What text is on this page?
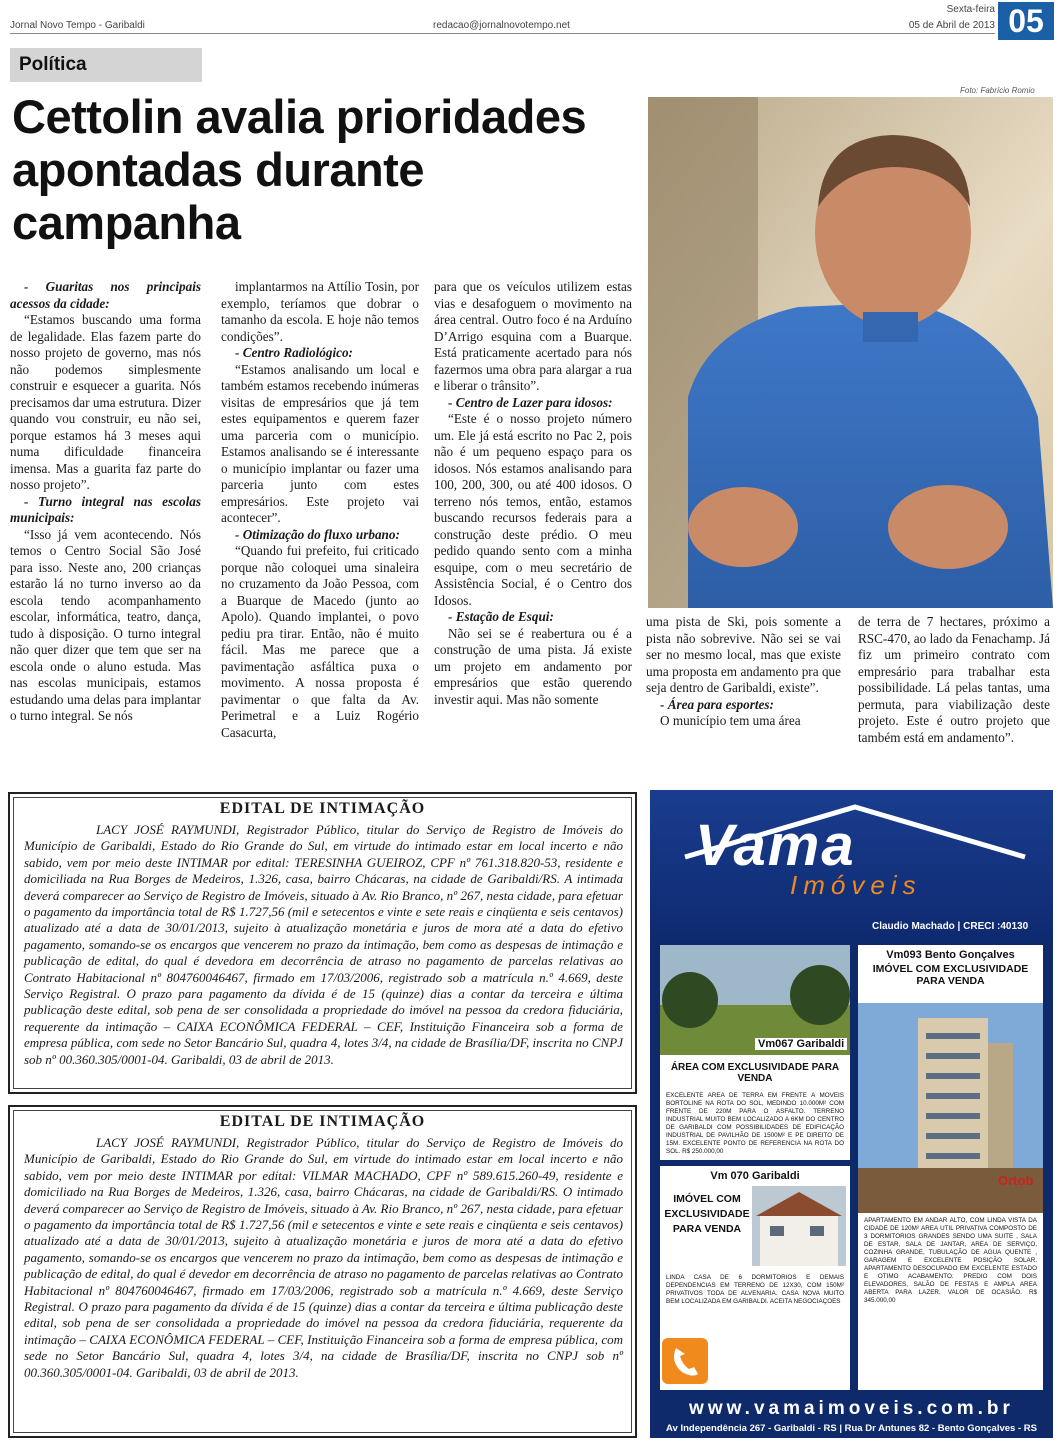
Jornal Novo Tempo - Garibaldi	redacao@jornalnovotempo.net
Sexta-feira
05 de Abril de 2013 05
Política
Cettolin avalia prioridades apontadas durante campanha
Foto: Fabrício Romio

- Guaritas nos principais acessos da cidade:

“Estamos buscando uma forma de legalidade. Elas fazem parte do nosso projeto de governo, mas nós não podemos simplesmente construir e esquecer a guarita. Nós precisamos dar uma estrutura. Dizer quando vou construir, eu não sei, porque estamos há 3 meses aqui numa dificuldade financeira imensa. Mas a guarita faz parte do nosso projeto”.

- Turno integral nas escolas municipais:

“Isso já vem acontecendo. Nós temos o Centro Social São José para isso. Neste ano, 200 crianças estarão lá no turno inverso ao da escola tendo acompanhamento escolar, informática, teatro, dança, tudo à disposição. O turno integral não quer dizer que tem que ser na escola onde o aluno estuda. Mas nas escolas municipais, estamos estudando uma delas para implantar o turno integral. Se nós

implantarmos na Attílio Tosin, por exemplo, teríamos que dobrar o tamanho da escola. E hoje não temos condições”.

- Centro Radiológico:

“Estamos analisando um local e também estamos recebendo inúmeras visitas de empresários que já tem estes equipamentos e querem fazer uma parceria com o município. Estamos analisando se é interessante o município implantar ou fazer uma parceria junto com estes empresários. Este projeto vai acontecer”.

- Otimização do fluxo urbano:

“Quando fui prefeito, fui criticado porque não coloquei uma sinaleira no cruzamento da João Pessoa, com a Buarque de Macedo (junto ao Apolo). Quando implantei, o povo pediu pra tirar. Então, não é muito fácil. Mas me parece que a pavimentação asfáltica puxa o movimento. A nossa proposta é pavimentar o que falta da Av. Perimetral e a Luiz Rogério Casacurta,

para que os veículos utilizem estas vias e desafoguem o movimento na área central. Outro foco é na Arduíno D’Arrigo esquina com a Buarque. Está praticamente acertado para nós fazermos uma obra para alargar a rua e liberar o trânsito”.

- Centro de Lazer para idosos:

“Este é o nosso projeto número um. Ele já está escrito no Pac 2, pois não é um pequeno espaço para os idosos. Nós estamos analisando para 100, 200, 300, ou até 400 idosos. O terreno nós temos, então, estamos buscando recursos federais para a construção deste prédio. O meu pedido quando sento com a minha esquipe, com o meu secretário de Assistência Social, é o Centro dos Idosos.

- Estação de Esqui:

Não sei se é reabertura ou é a construção de uma pista. Já existe um projeto em andamento por empresários que estão querendo investir aqui. Mas não somente

uma pista de Ski, pois somente a pista não sobrevive. Não sei se vai ser no mesmo local, mas que existe uma proposta em andamento pra que seja dentro de Garibaldi, existe”.

- Área para esportes:

O município tem uma área

de terra de 7 hectares, próximo a RSC-470, ao lado da Fenachamp. Já fiz um primeiro contrato com empresário para trabalhar esta possibilidade. Lá pelas tantas, uma permuta, para viabilização deste projeto. Este é outro projeto que também está em andamento”.

EDITAL DE INTIMAÇÃO

LACY JOSÉ RAYMUNDI, Registrador Público, titular do Serviço de Registro de Imóveis do Município de Garibaldi, Estado do Rio Grande do Sul, em virtude do intimado estar em local incerto e não sabido, vem por meio deste INTIMAR por edital: TERESINHA GUEIROZ, CPF nº 761.318.820-53, residente e domiciliada na Rua Borges de Medeiros, 1.326, casa, bairro Chácaras, na cidade de Garibaldi/RS. A intimada deverá comparecer ao Serviço de Registro de Imóveis, situado à Av. Rio Branco, nº 267, nesta cidade, para efetuar o pagamento da importância total de R$ 1.727,56 (mil e setecentos e vinte e sete reais e cinqüenta e seis centavos) atualizado até a data de 30/01/2013, sujeito à atualização monetária e juros de mora até a data do efetivo pagamento, somando-se os encargos que vencerem no prazo da intimação, bem como as despesas de intimação e publicação de edital, do qual é devedora em decorrência de atraso no pagamento de parcelas relativas ao Contrato Habitacional nº 804760046467, firmado em 17/03/2006, registrado sob a matrícula n.º 4.669, deste Serviço Registral. O prazo para pagamento da dívida é de 15 (quinze) dias a contar da terceira e última publicação deste edital, sob pena de ser consolidada a propriedade do imóvel na pessoa da credora fiduciária, requerente da intimação – CAIXA ECONÔMICA FEDERAL – CEF, Instituição Financeira sob a forma de empresa pública, com sede no Setor Bancário Sul, quadra 4, lotes 3/4, na cidade de Brasília/DF, inscrita no CNPJ sob nº 00.360.305/0001-04. Garibaldi, 03 de abril de 2013.

EDITAL DE INTIMAÇÃO

LACY JOSÉ RAYMUNDI, Registrador Público, titular do Serviço de Registro de Imóveis do Município de Garibaldi, Estado do Rio Grande do Sul, em virtude do intimado estar em local incerto e não sabido, vem por meio deste INTIMAR por edital: VILMAR MACHADO, CPF nº 589.615.260-49, residente e domiciliado na Rua Borges de Medeiros, 1.326, casa, bairro Chácaras, na cidade de Garibaldi/RS. O intimado deverá comparecer ao Serviço de Registro de Imóveis, situado à Av. Rio Branco, nº 267, nesta cidade, para efetuar o pagamento da importância total de R$ 1.727,56 (mil e setecentos e vinte e sete reais e cinqüenta e seis centavos) atualizado até a data de 30/01/2013, sujeito à atualização monetária e juros de mora até a data do efetivo pagamento, somando-se os encargos que vencerem no prazo da intimação, bem como as despesas de intimação e publicação de edital, do qual é devedor em decorrência de atraso no pagamento de parcelas relativas ao Contrato Habitacional nº 804760046467, firmado em 17/03/2006, registrado sob a matrícula n.º 4.669, deste Serviço Registral. O prazo para pagamento da dívida é de 15 (quinze) dias a contar da terceira e última publicação deste edital, sob pena de ser consolidada a propriedade do imóvel na pessoa da credora fiduciária, requerente da intimação – CAIXA ECONÔMICA FEDERAL – CEF, Instituição Financeira sob a forma de empresa pública, com sede no Setor Bancário Sul, quadra 4, lotes 3/4, na cidade de Brasília/DF, inscrita no CNPJ sob nº 00.360.305/0001-04. Garibaldi, 03 de abril de 2013.

Vama
Imóveis
Claudio Machado | CRECI :40130
Vm067 Garibaldi
ÁREA COM EXCLUSIVIDADE PARA VENDA
EXCELENTE AREA DE TERRA EM FRENTE A MOVEIS BORTOLINE NA ROTA DO SOL, MEDINDO 10.000M² COM FRENTE DE 220M PARA O ASFALTO. TERRENO INDUSTRIAL MUITO BEM LOCALIZADO A 6KM DO CENTRO DE GARIBALDI COM POSSIBILIDADES DE EDIFICAÇÃO INDUSTRIAL DE PAVILHÃO DE 1500M² E PE DIREITO DE 15M. EXCELENTE PONTO DE REFERENCIA NA ROTA DO SOL. R$ 250.000,00
Vm093 Bento Gonçalves
IMÓVEL COM EXCLUSIVIDADE PARA VENDA
Ortob
APARTAMENTO EM ANDAR ALTO, COM LINDA VISTA DA CIDADE DE 120M² AREA UTIL PRIVATIVA COMPOSTO DE 3 DORMITORIOS GRANDES SENDO UMA SUITE , SALA DE ESTAR, SALA DE JANTAR, AREA DE SERVIÇO, COZINHA GRANDE, TUBULAÇÃO DE AGUA QUENTE , GARAGEM E EXCELENTE POSIÇÃO SOLAR. APARTAMENTO DESOCUPADO EM EXCELENTE ESTADO E OTIMO ACABAMENTO. PREDIO COM DOIS ELEVADORES, SALÃO DE FESTAS E AMPLA AREA ABERTA PARA LAZER. VALOR DE OCASIÃO. R$ 345.000,00
Vm 070 Garibaldi
IMÓVEL COM EXCLUSIVIDADE PARA VENDA
LINDA CASA DE 6 DORMITORIOS E DEMAIS DEPENDENCIAS EM TERRENO DE 12X30, COM 150M² PRIVATIVOS TODA DE ALVENARIA. CASA NOVA MUITO BEM LOCALIZADA EM GARIBALDI. ACEITA NEGOCIAÇOES
(54) 3462.3490
(54) 3055.4596
ou
ou
(54) 9945.1042
(54) 8115.0155
www.vamaimoveis.com.br
Av Independência 267 - Garibaldi - RS | Rua Dr Antunes 82 - Bento Gonçalves - RS
